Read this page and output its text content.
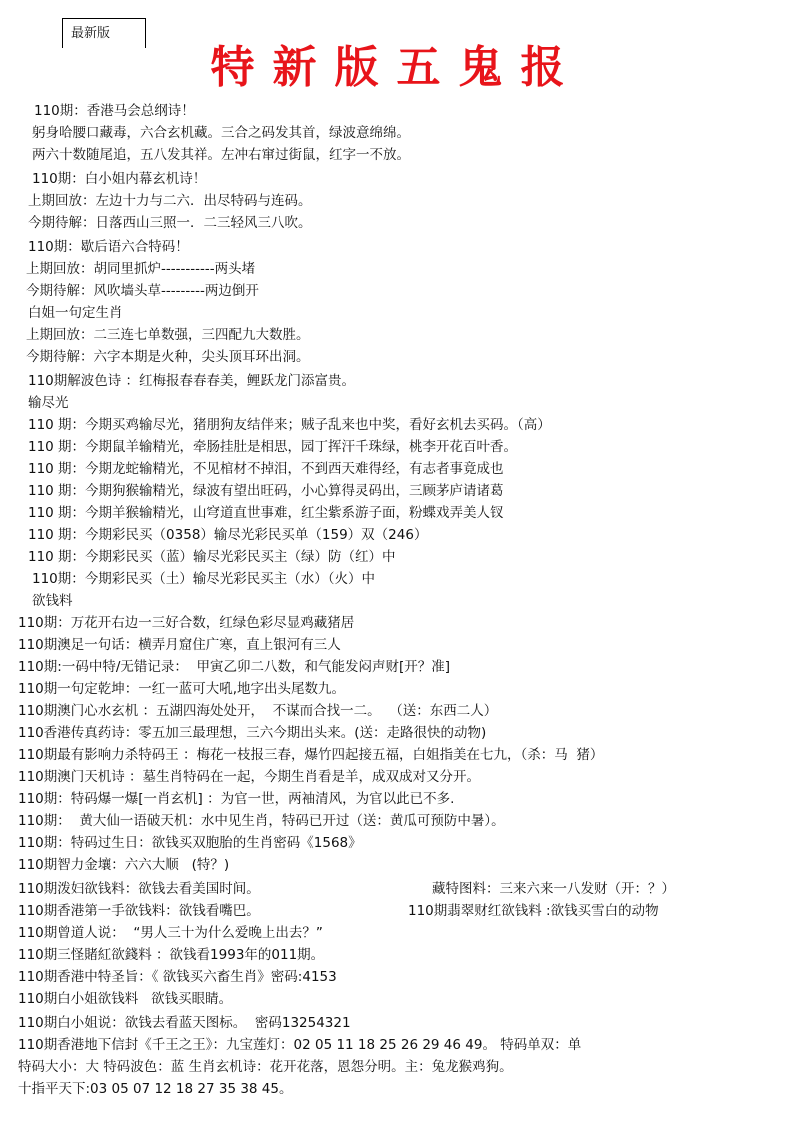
最新版
特新版五鬼报
110期：香港马会总纲诗！
躬身哈腰口藏毒，六合玄机藏。三合之码发其首，绿波意绵绵。
两六十数随尾追，五八发其祥。左冲右窜过街鼠，红字一不放。
110期：白小姐内幕玄机诗！
上期回放：左边十力与二六．出尽特码与连码。
今期待解：日落西山三照一．二三轻风三八吹。
110期：歇后语六合特码！
上期回放：胡同里抓炉-----------两头堵
今期待解：风吹墙头草---------两边倒开
白姐一句定生肖
上期回放：二三连七单数强，三四配九大数胜。
今期待解：六字本期是火种，尖头顶耳环出洞。
110期解波色诗 ：红梅报春春春美，鲤跃龙门添富贵。
输尽光
110 期：今期买鸡输尽光，猪朋狗友结伴来；贼子乱来也中奖，看好玄机去买码。（高）
110 期：今期鼠羊输精光，牵肠挂肚是相思，园丁挥汗千珠绿，桃李开花百叶香。
110 期：今期龙蛇输精光，不见棺材不掉泪，不到西天难得经，有志者事竟成也
110 期：今期狗猴输精光，绿波有望出旺码，小心算得灵码出，三顾茅庐请诸葛
110 期：今期羊猴输精光，山穹道直世事难，红尘紫系游子面，粉蝶戏弄美人钗
110 期：今期彩民买（0358）输尽光彩民买单（159）双（246）
110 期：今期彩民买（蓝）输尽光彩民买主（绿）防（红）中
110期：今期彩民买（土）输尽光彩民买主（水）（火）中
欲钱料
110期：万花开右边一三好合数，红绿色彩尽显鸡藏猪居
110期澳足一句话：横弄月窟住广寒，直上银河有三人
110期:一码中特/无错记录：  甲寅乙卯二八数，和气能发闷声财[开？准]
110期一句定乾坤：一红一蓝可大吼,地字出头尾数九。
110期澳门心水玄机 ：五湖四海处处开，  不谋而合找一二。  （送：东西二人）
110香港传真药诗：零五加三最理想，三六今期出头来。(送：走路很快的动物)
110期最有影响力杀特码王 ：梅花一枝报三春，爆竹四起接五福，白姐指美在七九，（杀：马  猪）
110期澳门天机诗 ：墓生肖特码在一起，今期生肖看是羊，成双成对又分开。
110期：特码爆一爆[一肖玄机] ：为官一世，两袖清风，为官以此已不多.
110期：  黄大仙一语破天机：水中见生肖，特码已开过（送：黄瓜可预防中暑）。
110期：特码过生日：欲钱买双胞胎的生肖密码《1568》
110期智力金壤：六六大顺   (特？)
110期泼妇欲钱料：欲钱去看美国时间。	藏特图料：三来六来一八发财（开：？）
110期香港第一手欲钱料：欲钱看嘴巴。	110期翡翠财红欲钱料 :欲钱买雪白的动物
110期曾道人说：  “男人三十为什么爱晚上出去？”
110期三怪賭紅欲錢料 ：欲钱看1993年的011期。
110期香港中特圣旨：《 欲钱买六畜生肖》密码:4153
110期白小姐欲钱料   欲钱买眼睛。
110期白小姐说：欲钱去看蓝天图标。  密码13254321
110期香港地下信封《千王之王》：九宝莲灯：02 05 11 18 25 26 29 46 49。 特码单双：单
特码大小：大 特码波色：蓝 生肖玄机诗：花开花落，恩怨分明。主：兔龙猴鸡狗。
十指平天下:03 05 07 12 18 27 35 38 45。
